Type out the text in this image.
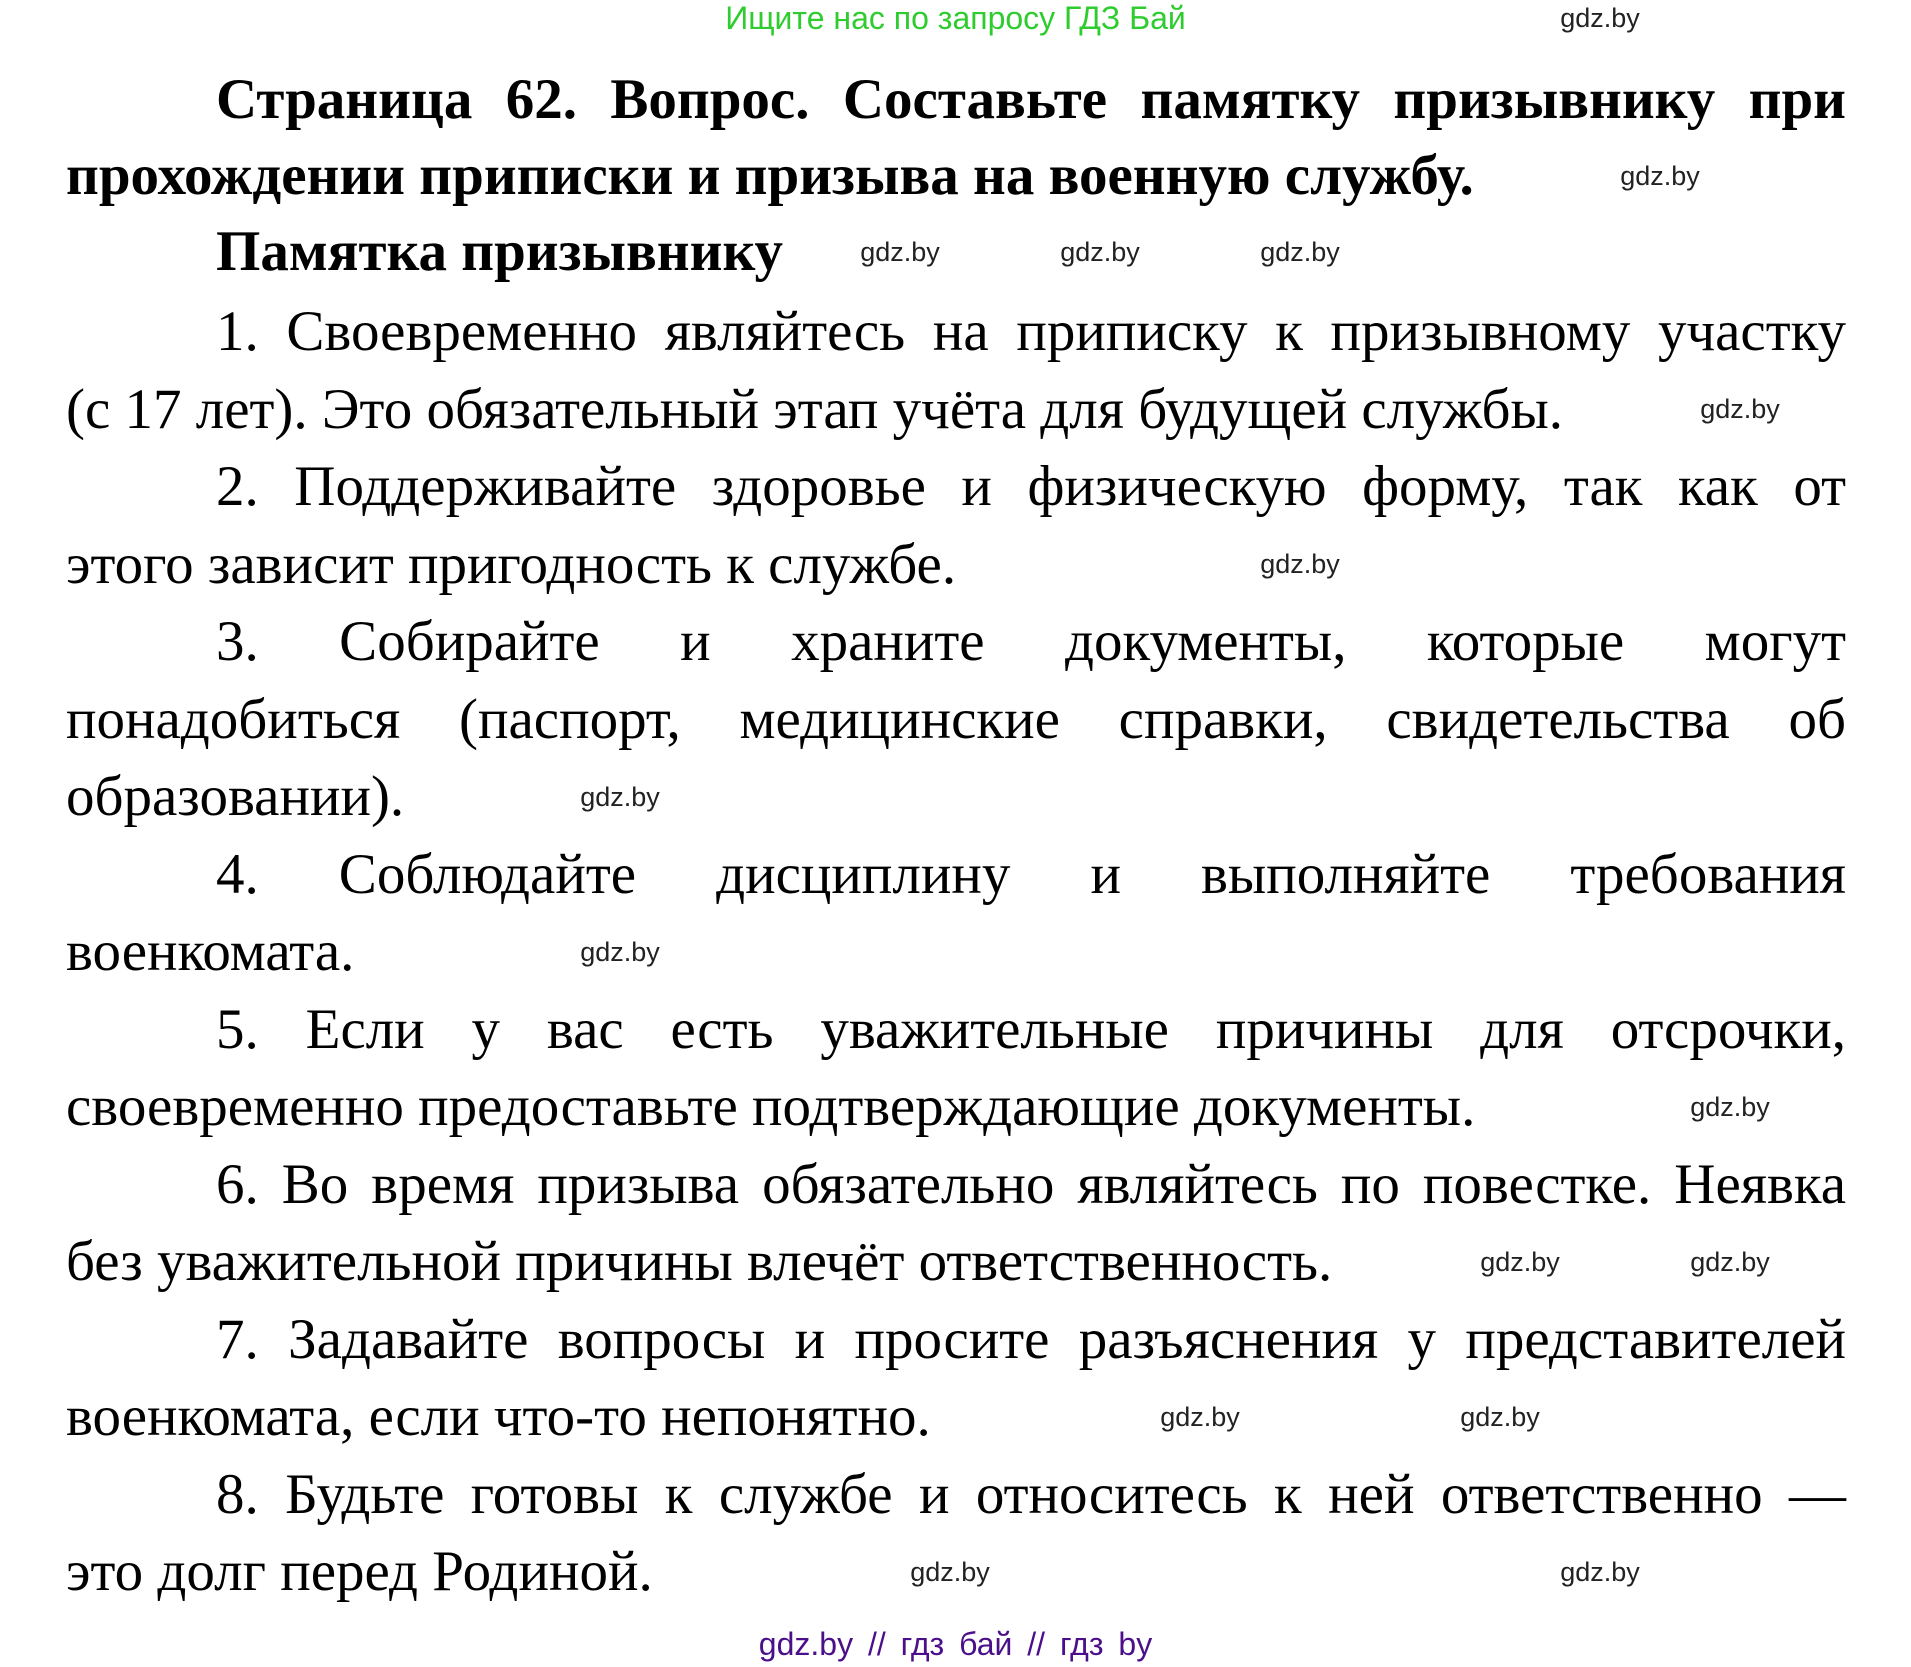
Ищите нас по запросу ГДЗ Бай
Страница 62. Вопрос. Составьте памятку призывнику при
прохождении приписки и призыва на военную службу.
Памятка призывнику
1. Своевременно являйтесь на приписку к призывному участку
(с 17 лет). Это обязательный этап учёта для будущей службы.
2. Поддерживайте здоровье и физическую форму, так как от
этого зависит пригодность к службе.
3. Собирайте и храните документы, которые могут
понадобиться (паспорт, медицинские справки, свидетельства об
образовании).
4. Соблюдайте дисциплину и выполняйте требования
военкомата.
5. Если у вас есть уважительные причины для отсрочки,
своевременно предоставьте подтверждающие документы.
6. Во время призыва обязательно являйтесь по повестке. Неявка
без уважительной причины влечёт ответственность.
7. Задавайте вопросы и просите разъяснения у представителей
военкомата, если что-то непонятно.
8. Будьте готовы к службе и относитесь к ней ответственно —
это долг перед Родиной.
gdz.by
gdz.by
gdz.by	gdz.by	gdz.by
gdz.by
gdz.by
gdz.by
gdz.by
gdz.by
gdz.by	gdz.by
gdz.by	gdz.by
gdz.by	gdz.by
gdz.by // гдз бай // гдз by
